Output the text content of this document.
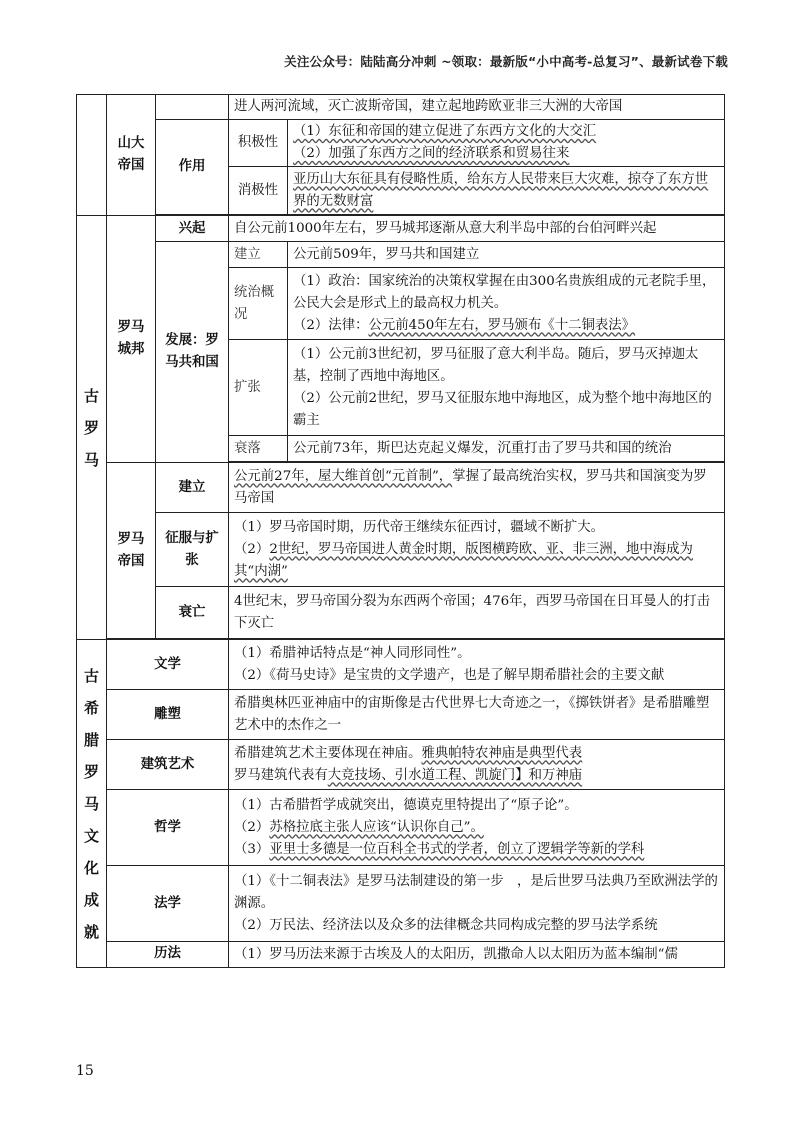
关注公众号：陆陆高分冲刺 ~领取：最新版“小中高考-总复习”、最新试卷下载
	山大帝国		进人两河流域，灭亡波斯帝国，建立起地跨欧亚非三大洲的大帝国	
		作用	积极性	（1）东征和帝国的建立促进了东西方文化的大交汇
（2）加强了东西方之间的经济联系和贸易往来

			消极性	亚历山大东征具有侵略性质，给东方人民带来巨大灾难，掠夺了东方世界的无数财富

古罗马	罗马城邦	兴起	自公元前1000年左右，罗马城邦逐渐从意大利半岛中部的台伯河畔兴起	
		发展：罗马共和国	建立	公元前509年，罗马共和国建立
			统治概况	（1）政治：国家统治的决策权掌握在由300名贵族组成的元老院手里，公民大会是形式上的最高权力机关。
（2）法律：公元前450年左右，罗马颁布《十二铜表法》

			扩张	（1）公元前3世纪初，罗马征服了意大利半岛。随后，罗马灭掉迦太基，控制了西地中海地区。
（2）公元前2世纪，罗马又征服东地中海地区，成为整个地中海地区的霸主

			衰落	公元前73年，斯巴达克起义爆发，沉重打击了罗马共和国的统治

	罗马帝国	建立	公元前27年，屋大维首创“元首制”，掌握了最高统治实权，罗马共和国演变为罗马帝国	
		征服与扩张	（1）罗马帝国时期，历代帝王继续东征西讨，疆域不断扩大。
（2）2世纪，罗马帝国进人黄金时期，版图横跨欧、亚、非三洲，地中海成为其“内湖”	

		衰亡	4世纪末，罗马帝国分裂为东西两个帝国；476年，西罗马帝国在日耳曼人的打击下灭亡	

古希腊罗马文化成就	文学		（1）希腊神话特点是“神人同形同性”。
（2）《荷马史诗》是宝贵的文学遗产，也是了解早期希腊社会的主要文献	

	雕塑		希腊奥林匹亚神庙中的宙斯像是古代世界七大奇迹之一，《掷铁饼者》是希腊雕塑艺术中的杰作之一	
	建筑艺术		希腊建筑艺术主要体现在神庙。雅典帕特农神庙是典型代表
罗马建筑代表有大竞技场、引水道工程、凯旋门】和万神庙	

	哲学		（1）古希腊哲学成就突出，德谟克里特提出了“原子论”。
（2）苏格拉底主张人应该“认识你自己”。
（3）亚里士多德是一位百科全书式的学者，创立了逻辑学等新的学科	

	法学		（1）《十二铜表法》是罗马法制建设的第一步　，是后世罗马法典乃至欧洲法学的渊源。
（2）万民法、经济法以及众多的法律概念共同构成完整的罗马法学系统	

	历法		（1）罗马历法来源于古埃及人的太阳历，凯撒命人以太阳历为蓝本编制“儒	
15
